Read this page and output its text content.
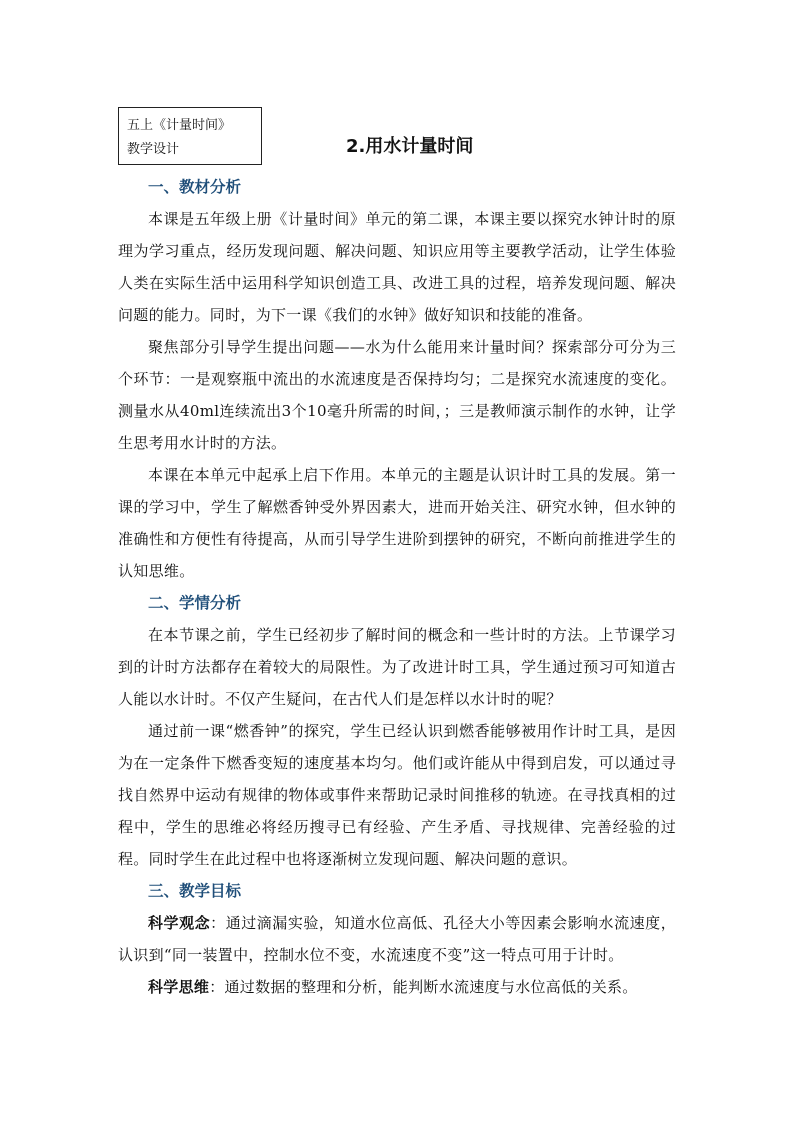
五上《计量时间》
教学设计	2.用水计量时间
一、教材分析

本课是五年级上册《计量时间》单元的第二课，本课主要以探究水钟计时的原理为学习重点，经历发现问题、解决问题、知识应用等主要教学活动，让学生体验人类在实际生活中运用科学知识创造工具、改进工具的过程，培养发现问题、解决问题的能力。同时，为下一课《我们的水钟》做好知识和技能的准备。

聚焦部分引导学生提出问题——水为什么能用来计量时间？探索部分可分为三个环节：一是观察瓶中流出的水流速度是否保持均匀；二是探究水流速度的变化。测量水从40ml连续流出3个10毫升所需的时间，；三是教师演示制作的水钟，让学生思考用水计时的方法。

本课在本单元中起承上启下作用。本单元的主题是认识计时工具的发展。第一课的学习中，学生了解燃香钟受外界因素大，进而开始关注、研究水钟，但水钟的准确性和方便性有待提高，从而引导学生进阶到摆钟的研究，不断向前推进学生的认知思维。

二、学情分析

在本节课之前，学生已经初步了解时间的概念和一些计时的方法。上节课学习到的计时方法都存在着较大的局限性。为了改进计时工具，学生通过预习可知道古人能以水计时。不仅产生疑问，在古代人们是怎样以水计时的呢？

通过前一课“燃香钟”的探究，学生已经认识到燃香能够被用作计时工具，是因为在一定条件下燃香变短的速度基本均匀。他们或许能从中得到启发，可以通过寻找自然界中运动有规律的物体或事件来帮助记录时间推移的轨迹。在寻找真相的过程中，学生的思维必将经历搜寻已有经验、产生矛盾、寻找规律、完善经验的过程。同时学生在此过程中也将逐渐树立发现问题、解决问题的意识。

三、教学目标

科学观念：通过滴漏实验，知道水位高低、孔径大小等因素会影响水流速度，认识到“同一装置中，控制水位不变，水流速度不变”这一特点可用于计时。

科学思维：通过数据的整理和分析，能判断水流速度与水位高低的关系。
